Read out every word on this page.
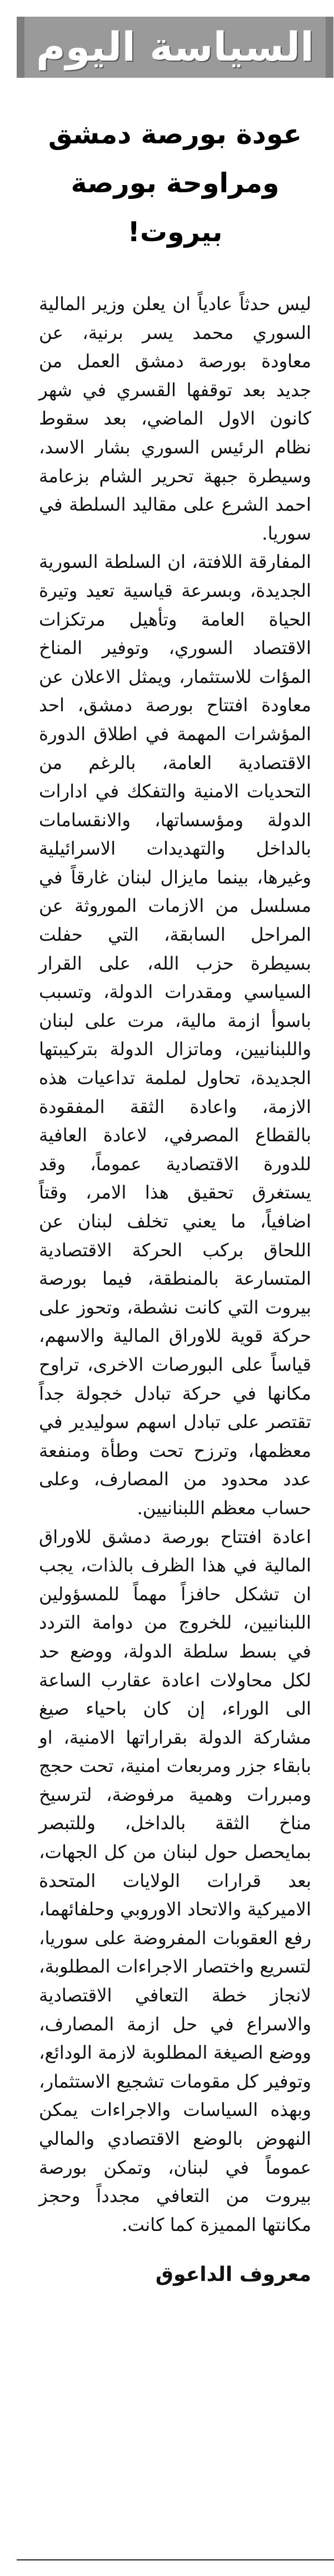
السياسة اليوم
عودة بورصة دمشق ومراوحة بورصة بيروت!

ليس حدثاً عادياً ان يعلن وزير المالية السوري محمد يسر برنية، عن معاودة بورصة دمشق العمل من جديد بعد توقفها القسري في شهر كانون الاول الماضي، بعد سقوط نظام الرئيس السوري بشار الاسد، وسيطرة جبهة تحرير الشام بزعامة احمد الشرع على مقاليد السلطة في سوريا.

المفارقة اللافتة، ان السلطة السورية الجديدة، وبسرعة قياسية تعيد وتيرة الحياة العامة وتأهيل مرتكزات الاقتصاد السوري، وتوفير المناخ المؤات للاستثمار، ويمثل الاعلان عن معاودة افتتاح بورصة دمشق، احد المؤشرات المهمة في اطلاق الدورة الاقتصادية العامة، بالرغم من التحديات الامنية والتفكك في ادارات الدولة ومؤسساتها، والانقسامات بالداخل والتهديدات الاسرائيلية وغيرها، بينما مايزال لبنان غارقاً في مسلسل من الازمات الموروثة عن المراحل السابقة، التي حفلت بسيطرة حزب الله، على القرار السياسي ومقدرات الدولة، وتسبب باسوأ ازمة مالية، مرت على لبنان واللبنانيين، وماتزال الدولة بتركيبتها الجديدة، تحاول لملمة تداعيات هذه الازمة، واعادة الثقة المفقودة بالقطاع المصرفي، لاعادة العافية للدورة الاقتصادية عموماً، وقد يستغرق تحقيق هذا الامر، وقتاً اضافياً، ما يعني تخلف لبنان عن اللحاق بركب الحركة الاقتصادية المتسارعة بالمنطقة، فيما بورصة بيروت التي كانت نشطة، وتحوز على حركة قوية للاوراق المالية والاسهم، قياساً على البورصات الاخرى، تراوح مكانها في حركة تبادل خجولة جداً تقتصر على تبادل اسهم سوليدير في معظمها، وترزح تحت وطأة ومنفعة عدد محدود من المصارف، وعلى حساب معظم اللبنانيين.

اعادة افتتاح بورصة دمشق للاوراق المالية في هذا الظرف بالذات، يجب ان تشكل حافزاً مهماً للمسؤولين اللبنانيين، للخروج من دوامة التردد في بسط سلطة الدولة، ووضع حد لكل محاولات اعادة عقارب الساعة الى الوراء، إن كان باحياء صيغ مشاركة الدولة بقراراتها الامنية، او بابقاء جزر ومربعات امنية، تحت حجج ومبررات وهمية مرفوضة، لترسيخ مناخ الثقة بالداخل، وللتبصر بمايحصل حول لبنان من كل الجهات، بعد قرارات الولايات المتحدة الاميركية والاتحاد الاوروبي وحلفائهما، رفع العقوبات المفروضة على سوريا، لتسريع واختصار الاجراءات المطلوبة، لانجاز خطة التعافي الاقتصادية والاسراع في حل ازمة المصارف، ووضع الصيغة المطلوبة لازمة الودائع، وتوفير كل مقومات تشجيع الاستثمار، وبهذه السياسات والاجراءات يمكن النهوض بالوضع الاقتصادي والمالي عموماً في لبنان، وتمكن بورصة بيروت من التعافي مجدداً وحجز مكانتها المميزة كما كانت.

معروف الداعوق
